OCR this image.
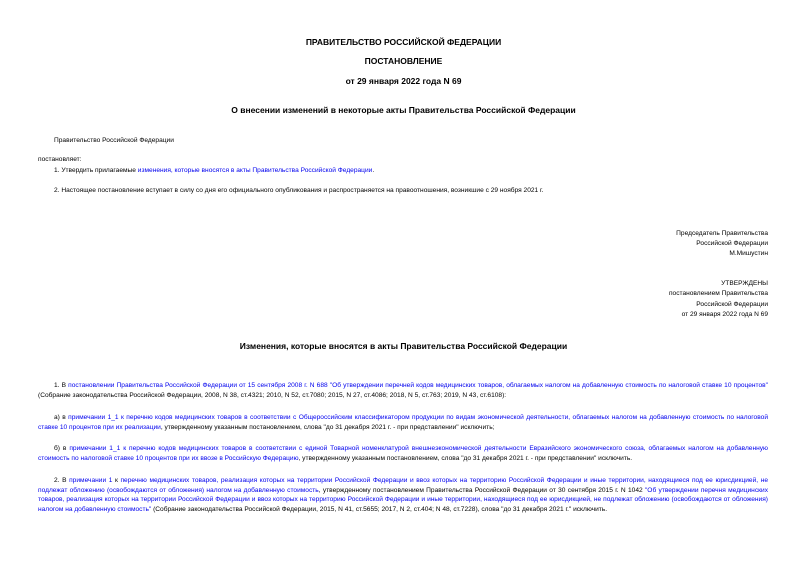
ПРАВИТЕЛЬСТВО РОССИЙСКОЙ ФЕДЕРАЦИИ
ПОСТАНОВЛЕНИЕ
от 29 января 2022 года N 69
О внесении изменений в некоторые акты Правительства Российской Федерации
Правительство Российской Федерации
постановляет:
1. Утвердить прилагаемые изменения, которые вносятся в акты Правительства Российской Федерации.
2. Настоящее постановление вступает в силу со дня его официального опубликования и распространяется на правоотношения, возникшие с 29 ноября 2021 г.
Председатель Правительства
Российской Федерации
М.Мишустин
УТВЕРЖДЕНЫ
постановлением Правительства
Российской Федерации
от 29 января 2022 года N 69
Изменения, которые вносятся в акты Правительства Российской Федерации
1. В постановлении Правительства Российской Федерации от 15 сентября 2008 г. N 688 "Об утверждении перечней кодов медицинских товаров, облагаемых налогом на добавленную стоимость по налоговой ставке 10 процентов" (Собрание законодательства Российской Федерации, 2008, N 38, ст.4321; 2010, N 52, ст.7080; 2015, N 27, ст.4086; 2018, N 5, ст.763; 2019, N 43, ст.6108):
а) в примечании 1_1 к перечню кодов медицинских товаров в соответствии с Общероссийским классификатором продукции по видам экономической деятельности, облагаемых налогом на добавленную стоимость по налоговой ставке 10 процентов при их реализации, утвержденному указанным постановлением, слова "до 31 декабря 2021 г. - при представлении" исключить;
б) в примечании 1_1 к перечню кодов медицинских товаров в соответствии с единой Товарной номенклатурой внешнеэкономической деятельности Евразийского экономического союза, облагаемых налогом на добавленную стоимость по налоговой ставке 10 процентов при их ввозе в Российскую Федерацию, утвержденному указанным постановлением, слова "до 31 декабря 2021 г. - при представлении" исключить.
2. В примечании 1 к перечню медицинских товаров, реализация которых на территории Российской Федерации и ввоз которых на территорию Российской Федерации и иные территории, находящиеся под ее юрисдикцией, не подлежат обложению (освобождаются от обложения) налогом на добавленную стоимость, утвержденному постановлением Правительства Российской Федерации от 30 сентября 2015 г. N 1042 "Об утверждении перечня медицинских товаров, реализация которых на территории Российской Федерации и ввоз которых на территорию Российской Федерации и иные территории, находящиеся под ее юрисдикцией, не подлежат обложению (освобождаются от обложения) налогом на добавленную стоимость" (Собрание законодательства Российской Федерации, 2015, N 41, ст.5655; 2017, N 2, ст.404; N 48, ст.7228), слова "до 31 декабря 2021 г." исключить.
